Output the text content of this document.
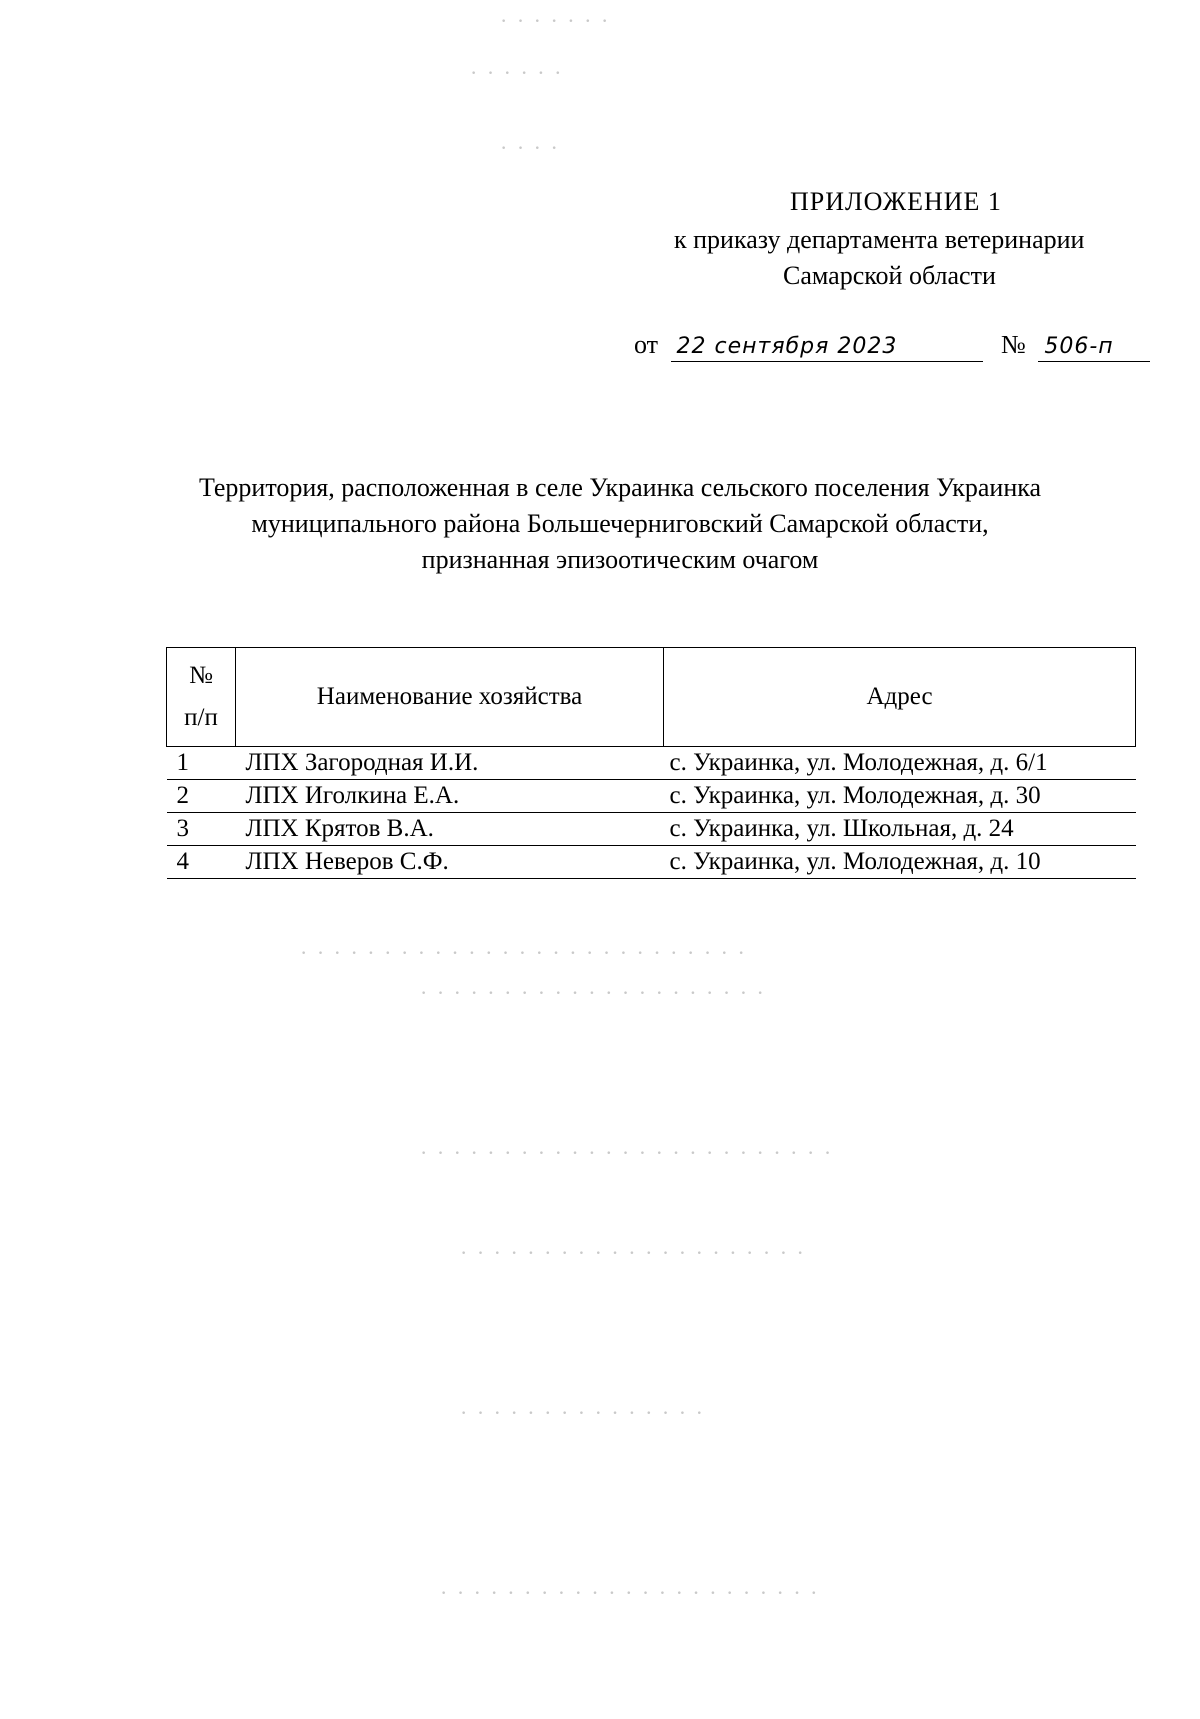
· · · · · · ·
· · · · · ·
· · · ·
· · · · · · · · · · · · · · · · · · · · · · · · · · ·
· · · · · · · · · · · · · · · · · · · · ·
· · · · · · · · · · · · · · · · · · · · · · · · ·
· · · · · · · · · · · · · · · · · · · · ·
· · · · · · · · · · · · · · ·
· · · · · · · · · · · · · · · · · · · · · · ·
ПРИЛОЖЕНИЕ 1
к приказу департамента ветеринарии
Самарской области
от 22 сентября 2023	№ 506-п
Территория, расположенная в селе Украинка сельского поселения Украинка
муниципального района Большечерниговский Самарской области,
признанная эпизоотическим очагом
№
п/п	Наименование хозяйства	Адрес
1	ЛПХ Загородная И.И.	с. Украинка, ул. Молодежная, д. 6/1
2	ЛПХ Иголкина Е.А.	с. Украинка, ул. Молодежная, д. 30
3	ЛПХ Крятов В.А.	с. Украинка, ул. Школьная, д. 24
4	ЛПХ Неверов С.Ф.	с. Украинка, ул. Молодежная, д. 10
